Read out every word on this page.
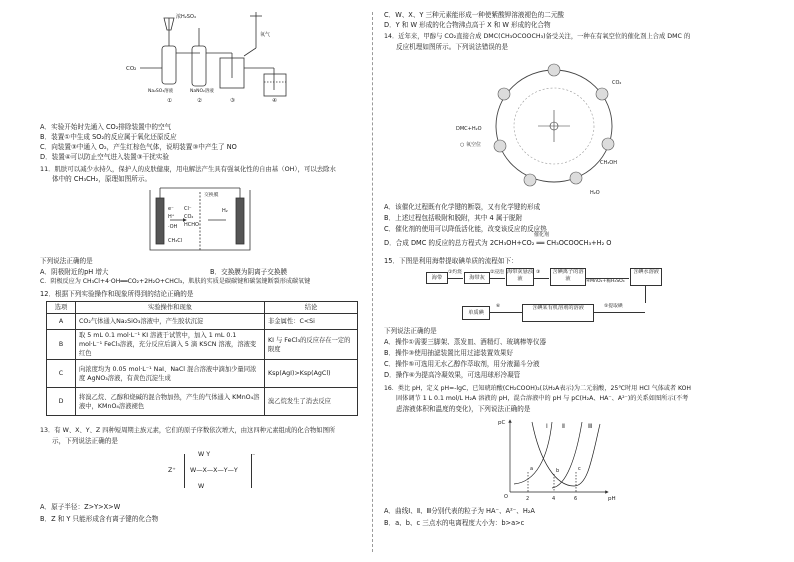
CO₂
浓H₂SO₄
氧气
Na₂SO₃溶液	NaNO₂溶液
①	②	③	④
A．实验开始时先通入 CO₂排除装置中的空气
B．装置①中生成 SO₂的反应属于氧化还原反应
C．向装置③中通入 O₂，产生红棕色气体，说明装置③中产生了 NO
D．装置④可以防止空气进入装置③干扰实验
11．肌肤可以减少水持久，保护人的皮肤健康，用电解法产生具有强氧化性的自由基（OH），可以去除水
体中的 CH₃CH₂，原理如图所示。
交换膜
e⁻
H⁺
·OH
CH₃Cl
Cl⁻
CO₂
HCHO
H₂
下列说法正确的是
A．阴极附近的pH 增大	B．交换膜为阴离子交换膜
C．阴极反应为 CH₃Cl+4·OH══CO₂+2H₂O+CHCl₃，肌肤的实质是碳碳键和碳氢键断裂形成碳氧键
12．根据下列实验操作和现象所得到的结论正确的是
选项	实验操作和现象	结论
A	CO₂气体通入Na₂SiO₃溶液中，产生胶状沉淀	非金属性：C<Si
B	取 5 mL 0.1 mol·L⁻¹ KI 溶液于试管中，加入 1 mL 0.1 mol·L⁻¹ FeCl₃溶液，充分反应后滴入 5 滴 KSCN 溶液，溶液变红色	KI 与 FeCl₃的反应存在一定的限度
C	向浓度均为 0.05 mol·L⁻¹ NaI、NaCl 混合溶液中滴加少量同浓度 AgNO₃溶液，有黄色沉淀生成	Ksp(AgI)>Ksp(AgCl)
D	将溴乙烷、乙醇和烧碱的混合物加热，产生的气体通入 KMnO₄溶液中，KMnO₄溶液褪色	溴乙烷发生了消去反应
13．有 W、X、Y、Z 四种短周期主族元素，它们的原子序数依次增大，由这四种元素组成的化合物如图所
示，下列说法正确的是
W Y
Z⁺ W—X—X—Y—Y
W
⁻
A．原子半径：Z>Y>X>W
B．Z 和 Y 只能形成含有离子键的化合物
C．W、X、Y 三种元素能形成一种使紫酸钾溶液褪色的二元酸
D．Y 和 W 形成的化合物沸点高于 X 和 W 形成的化合物
14．近年来，甲醇与 CO₂直接合成 DMC(CH₃OCOOCH₃)备受关注，一种在有氧空位的催化剂上合成 DMC 的
反应机理如图所示。下列说法错误的是
CO₂
CH₃OH
H₂O
DMC+H₂O
○ 氧空位
A．该催化过程既有化学键的断裂，又有化学键的形成
B．上述过程包括吸附和脱附，其中 4 属于脱附
C．催化剂的使用可以降低活化能，改变该反应的反应热
催化剂
D．合成 DMC 的反应的总方程式为 2CH₃OH+CO₂ ══ CH₃OCOOCH₃+H₂ O
15．下图是利用海带提取碘单质的流程如下：
海带
①灼烧
海带灰
②浸泡 海带灰悬浊液
③	含碘离子的溶液	④MnO₂+稀H₂SO₄
含碘水溶液
含碘某有机溶剂的溶液	⑤提取碘
⑥
单质碘
下列说法正确的是
A．操作①需要三脚架、蒸发皿、酒精灯、玻璃棒等仪器
B．操作③使用抽滤装置比用过滤装置效果好
C．操作⑤可选用无水乙醇作萃取剂，用分液漏斗分液
D．操作⑥为提高冷凝效果，可选用球形冷凝管
16．类比 pH，定义 pH=-lgC，已知琥珀酸(CH₂COOH)₂(以H₂A表示)为二元弱酸，25℃时用 HCl 气体或者 KOH
固体调节 1 L 0.1 mol/L H₂A 溶液的 pH，混合溶液中的 pH 与 pC(H₂A、HA⁻、A²⁻)的关系如图所示(不考
虑溶液体积和温度的变化)，下列说法正确的是
pC
pH
O	2	4	6
Ⅰ Ⅱ	Ⅲ
a	b	c
A．曲线Ⅰ、Ⅱ、Ⅲ分别代表的粒子为 HA⁻、A²⁻、H₂A
B．a、b、c 三点水的电离程度大小为：b>a>c
